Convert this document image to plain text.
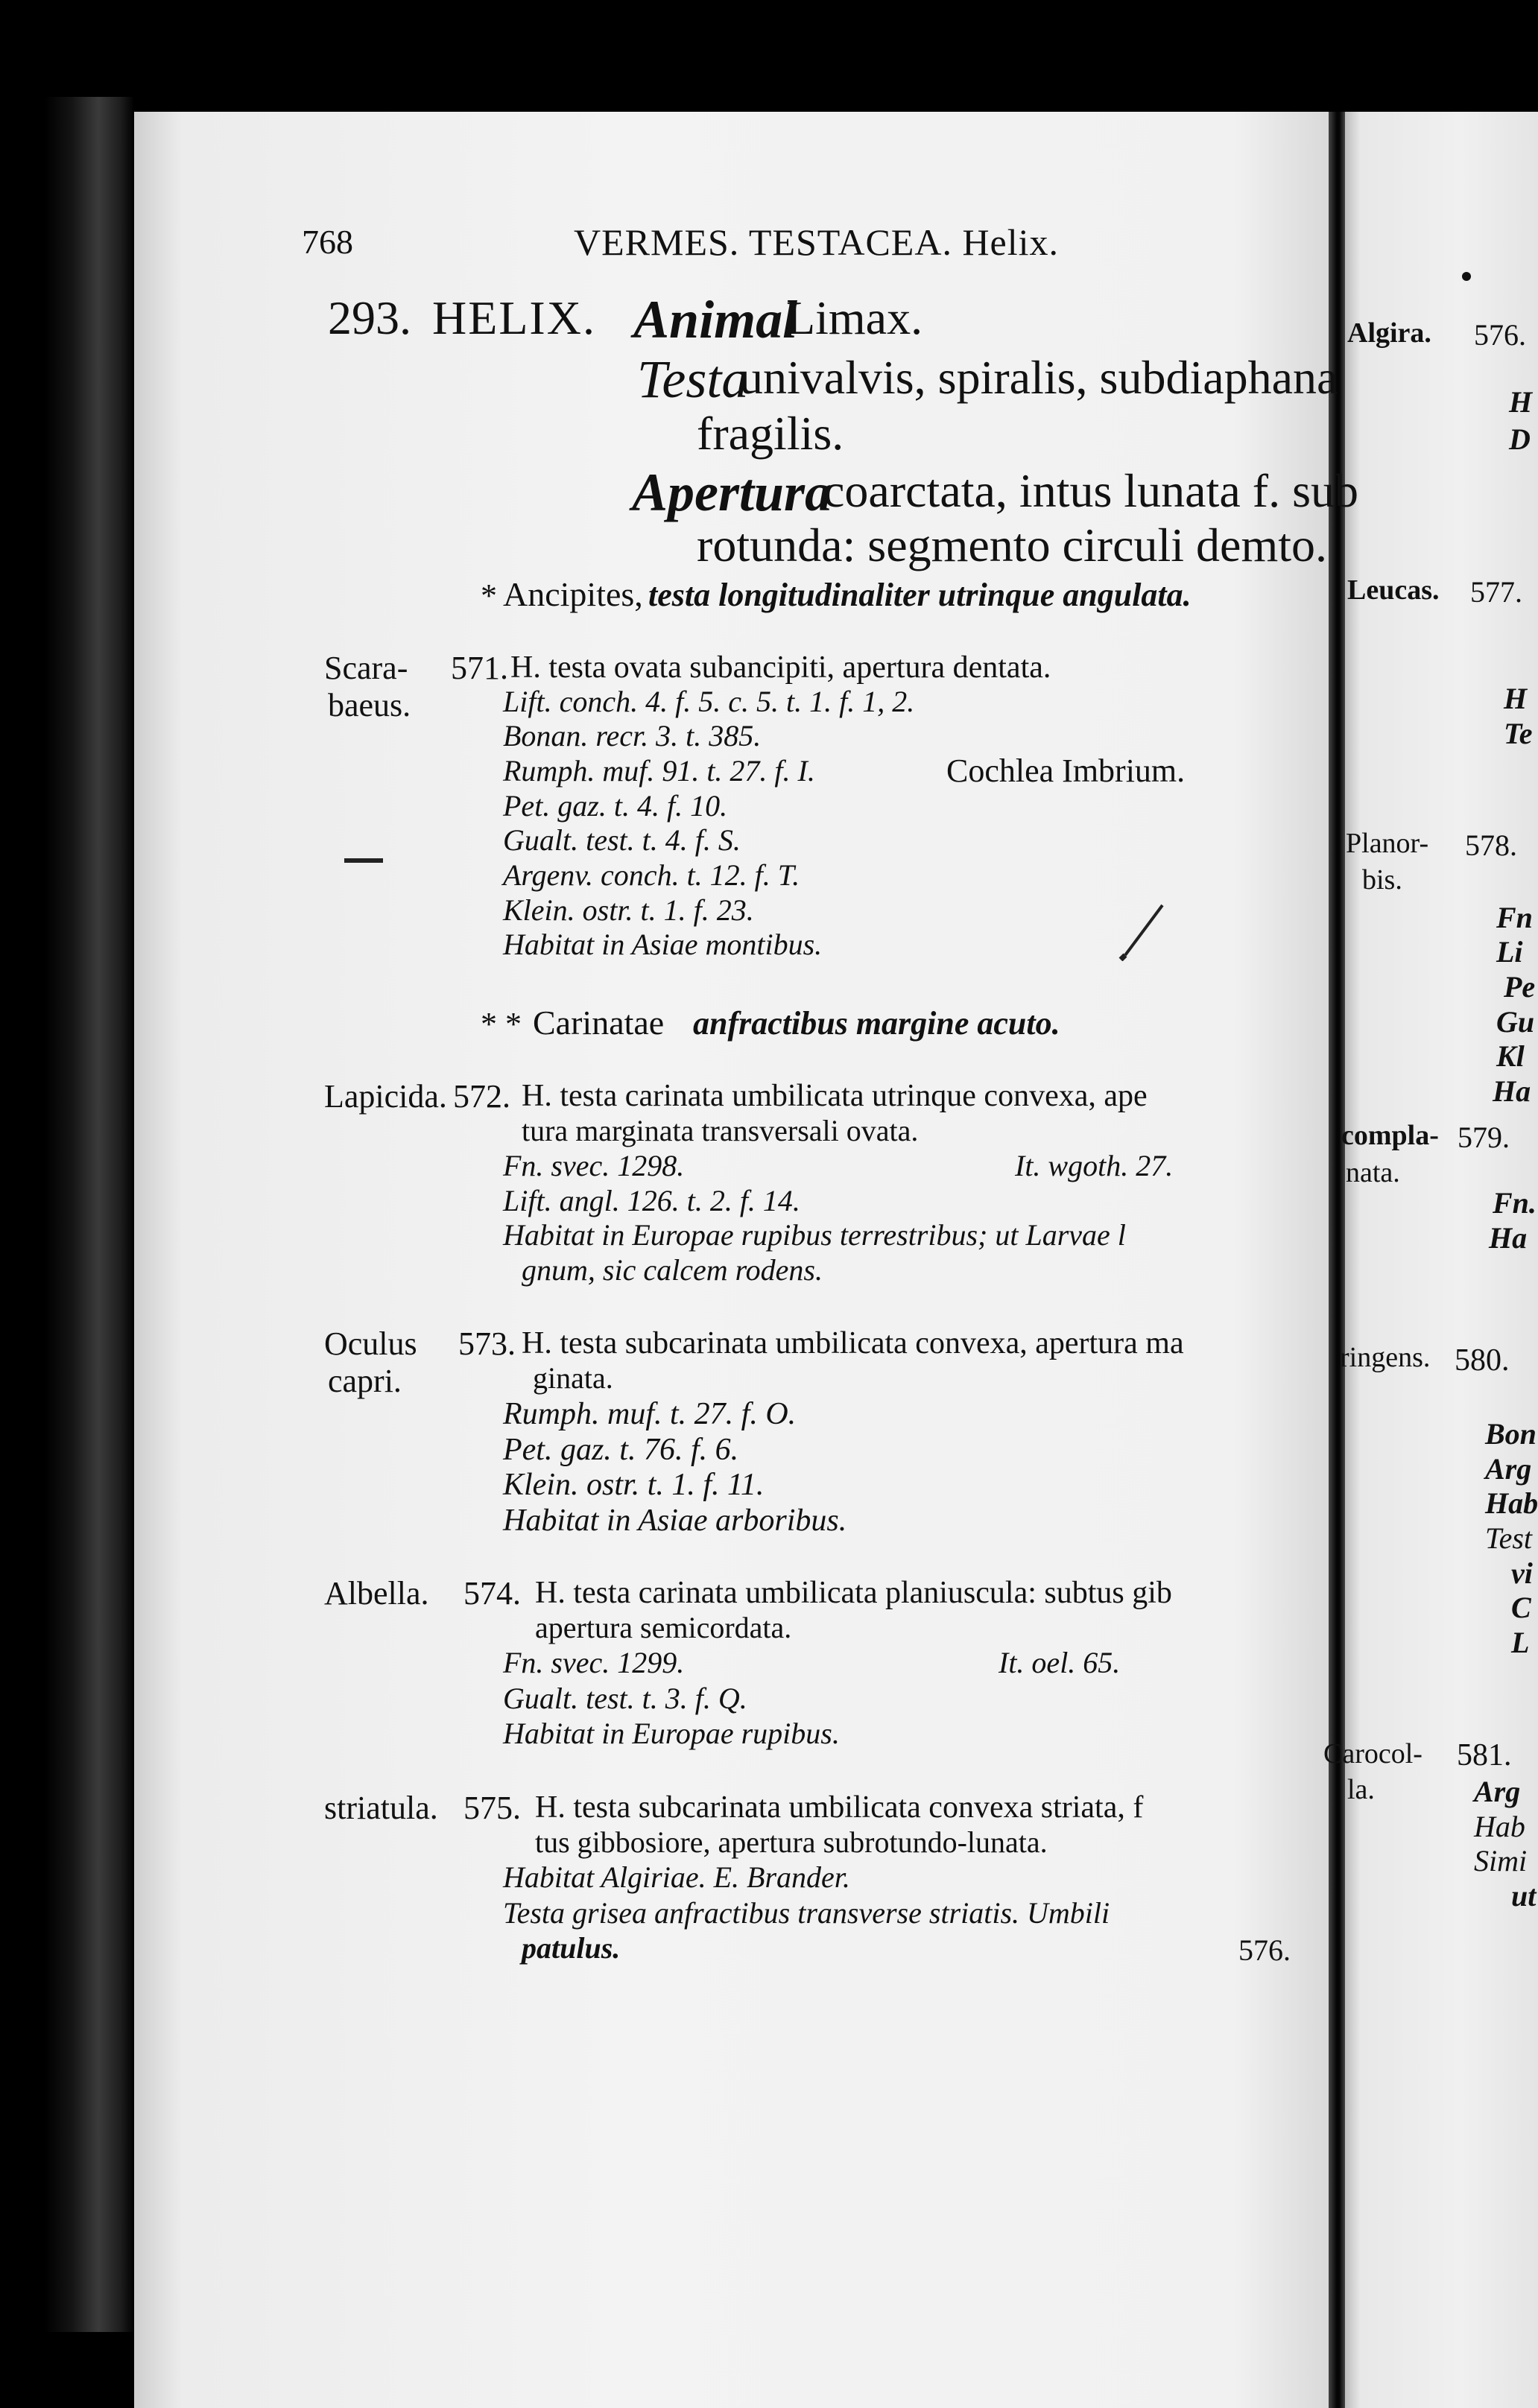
768	VERMES. TESTACEA. Helix.
293. HELIX. Animal
Limax.
Testa
univalvis, spiralis, subdiaphana
fragilis.
Apertura
coarctata, intus lunata f. sub
rotunda: segmento circuli demto.
* Ancipites, testa longitudinaliter utrinque angulata.
Scara-
baeus.
571. H. testa ovata subancipiti, apertura dentata.
Lift. conch. 4. f. 5. c. 5. t. 1. f. 1, 2.
Bonan. recr. 3. t. 385.
Rumph. muf. 91. t. 27. f. I.	Cochlea Imbrium.
Pet. gaz. t. 4. f. 10.
Gualt. test. t. 4. f. S.
Argenv. conch. t. 12. f. T.
Klein. ostr. t. 1. f. 23.
Habitat in Asiae montibus.
* * Carinatae anfractibus margine acuto.
Lapicida. 572. H. testa carinata umbilicata utrinque convexa, ape
tura marginata transversali ovata.
Fn. svec. 1298.	It. wgoth. 27.
Lift. angl. 126. t. 2. f. 14.
Habitat in Europae rupibus terrestribus; ut Larvae l
gnum, sic calcem rodens.
Oculus
capri.
573. H. testa subcarinata umbilicata convexa, apertura ma
ginata.
Rumph. muf. t. 27. f. O.
Pet. gaz. t. 76. f. 6.
Klein. ostr. t. 1. f. 11.
Habitat in Asiae arboribus.
Albella. 574. H. testa carinata umbilicata planiuscula: subtus gib
apertura semicordata.
Fn. svec. 1299.	It. oel. 65.
Gualt. test. t. 3. f. Q.
Habitat in Europae rupibus.
striatula. 575. H. testa subcarinata umbilicata convexa striata, f
tus gibbosiore, apertura subrotundo-lunata.
Habitat Algiriae. E. Brander.
Testa grisea anfractibus transverse striatis. Umbili
patulus.	576.
Algira. 576.
H
D
Leucas. 577.
H
Te
Planor-
bis.
578.
Fn
Li
Pe
Gu
Kl
Ha
compla-
nata.
579.
Fn.
Ha
ringens. 580.
Bon
Arg
Hab
Test
vi
C
L
Carocol-
la.
581.
Arg
Hab
Simi
ut
